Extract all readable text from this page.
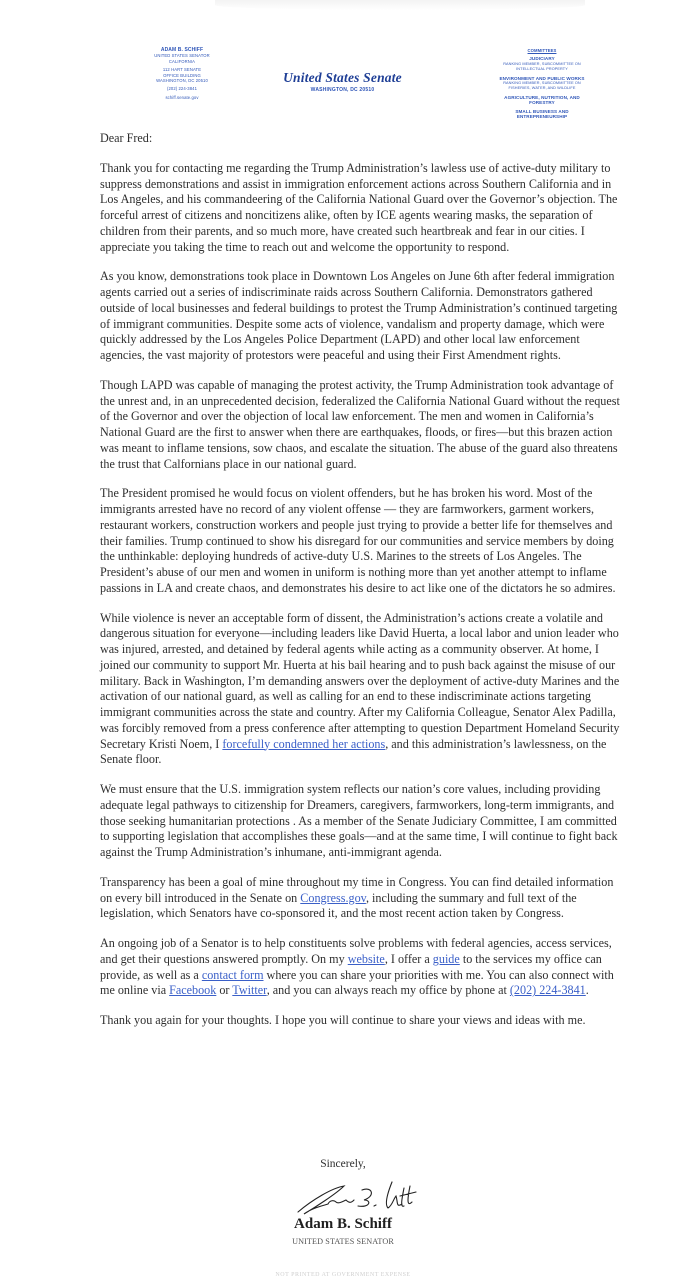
ADAM B. SCHIFF
UNITED STATES SENATOR
CALIFORNIA
112 HART SENATE
OFFICE BUILDING
WASHINGTON, DC 20510
(202) 224-3841
schiff.senate.gov
United States Senate
WASHINGTON, DC 20510
COMMITTEES
JUDICIARY
RANKING MEMBER, SUBCOMMITTEE ON INTELLECTUAL PROPERTY
ENVIRONMENT AND PUBLIC WORKS
RANKING MEMBER, SUBCOMMITTEE ON FISHERIES, WATER, AND WILDLIFE
AGRICULTURE, NUTRITION, AND FORESTRY
SMALL BUSINESS AND ENTREPRENEURSHIP

Dear Fred:

Thank you for contacting me regarding the Trump Administration’s lawless use of active-duty military to suppress demonstrations and assist in immigration enforcement actions across Southern California and in Los Angeles, and his commandeering of the California National Guard over the Governor’s objection. The forceful arrest of citizens and noncitizens alike, often by ICE agents wearing masks, the separation of children from their parents, and so much more, have created such heartbreak and fear in our cities. I appreciate you taking the time to reach out and welcome the opportunity to respond.

As you know, demonstrations took place in Downtown Los Angeles on June 6th after federal immigration agents carried out a series of indiscriminate raids across Southern California. Demonstrators gathered outside of local businesses and federal buildings to protest the Trump Administration’s continued targeting of immigrant communities. Despite some acts of violence, vandalism and property damage, which were quickly addressed by the Los Angeles Police Department (LAPD) and other local law enforcement agencies, the vast majority of protestors were peaceful and using their First Amendment rights.

Though LAPD was capable of managing the protest activity, the Trump Administration took advantage of the unrest and, in an unprecedented decision, federalized the California National Guard without the request of the Governor and over the objection of local law enforcement. The men and women in California’s National Guard are the first to answer when there are earthquakes, floods, or fires—but this brazen action was meant to inflame tensions, sow chaos, and escalate the situation. The abuse of the guard also threatens the trust that Calfornians place in our national guard.

The President promised he would focus on violent offenders, but he has broken his word. Most of the immigrants arrested have no record of any violent offense — they are farmworkers, garment workers, restaurant workers, construction workers and people just trying to provide a better life for themselves and their families. Trump continued to show his disregard for our communities and service members by doing the unthinkable: deploying hundreds of active-duty U.S. Marines to the streets of Los Angeles. The President’s abuse of our men and women in uniform is nothing more than yet another attempt to inflame passions in LA and create chaos, and demonstrates his desire to act like one of the dictators he so admires.

While violence is never an acceptable form of dissent, the Administration’s actions create a volatile and dangerous situation for everyone—including leaders like David Huerta, a local labor and union leader who was injured, arrested, and detained by federal agents while acting as a community observer. At home, I joined our community to support Mr. Huerta at his bail hearing and to push back against the misuse of our military. Back in Washington, I’m demanding answers over the deployment of active-duty Marines and the activation of our national guard, as well as calling for an end to these indiscriminate actions targeting immigrant communities across the state and country. After my California Colleague, Senator Alex Padilla, was forcibly removed from a press conference after attempting to question Department Homeland Security Secretary Kristi Noem, I forcefully condemned her actions, and this administration’s lawlessness, on the Senate floor.

We must ensure that the U.S. immigration system reflects our nation’s core values, including providing adequate legal pathways to citizenship for Dreamers, caregivers, farmworkers, long-term immigrants, and those seeking humanitarian protections . As a member of the Senate Judiciary Committee, I am committed to supporting legislation that accomplishes these goals—and at the same time, I will continue to fight back against the Trump Administration’s inhumane, anti-immigrant agenda.

Transparency has been a goal of mine throughout my time in Congress. You can find detailed information on every bill introduced in the Senate on Congress.gov, including the summary and full text of the legislation, which Senators have co-sponsored it, and the most recent action taken by Congress.

An ongoing job of a Senator is to help constituents solve problems with federal agencies, access services, and get their questions answered promptly. On my website, I offer a guide to the services my office can provide, as well as a contact form where you can share your priorities with me. You can also connect with me online via Facebook or Twitter, and you can always reach my office by phone at (202) 224-3841.

Thank you again for your thoughts. I hope you will continue to share your views and ideas with me.

Sincerely,
Adam B. Schiff
UNITED STATES SENATOR
NOT PRINTED AT GOVERNMENT EXPENSE
